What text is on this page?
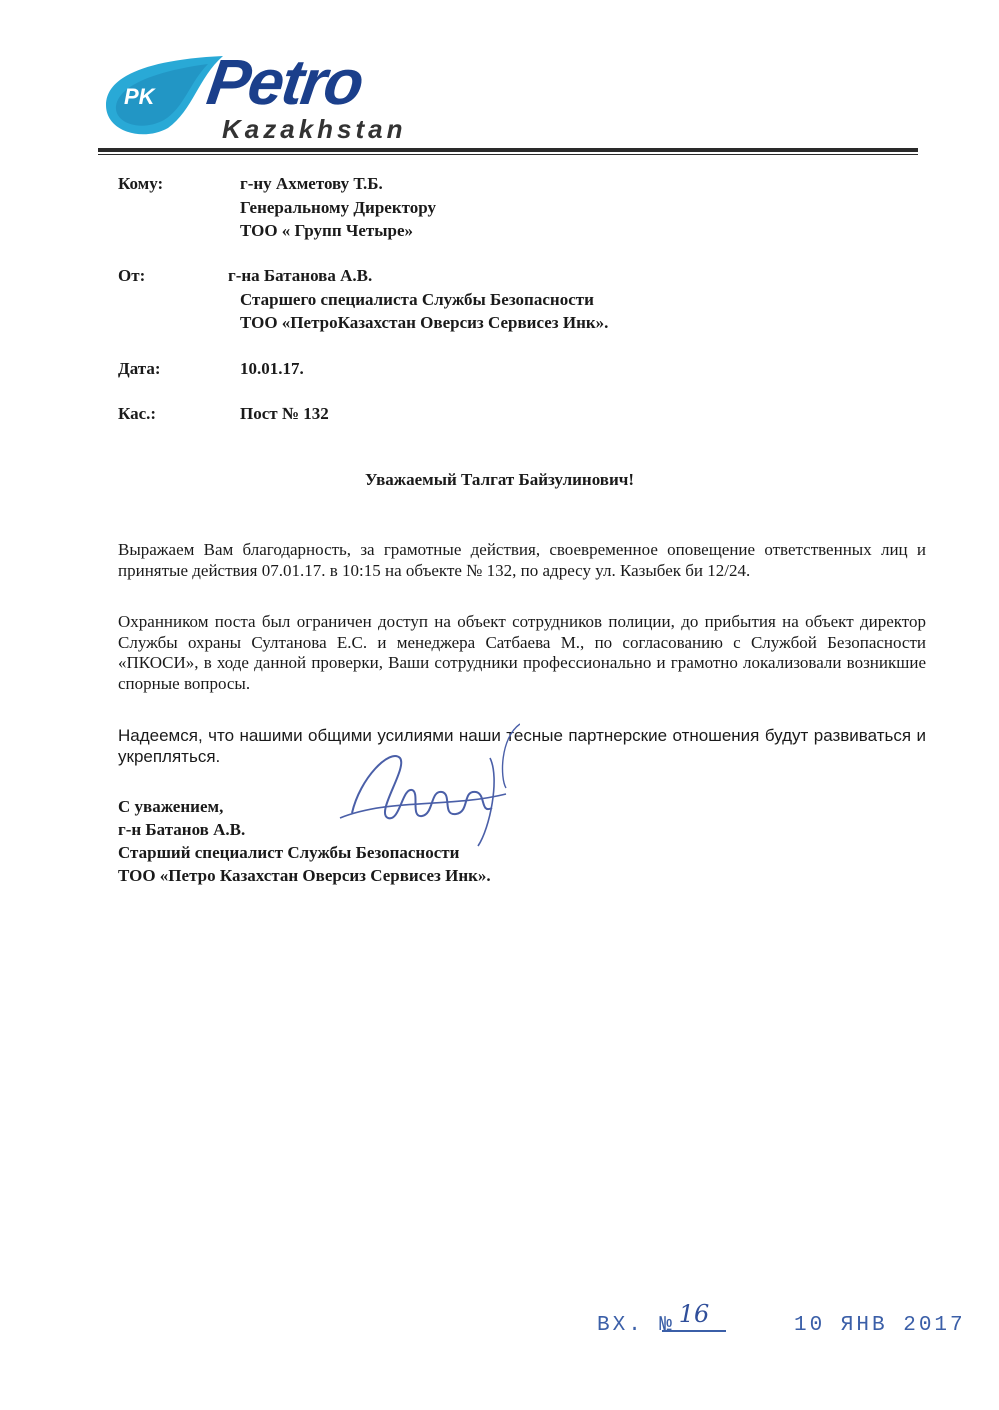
PK Petro
Kazakhstan
Кому:	г-ну Ахметову Т.Б.
Генеральному Директору
ТОО « Групп Четыре»
От:	г-на Батанова А.В.
Старшего специалиста Службы Безопасности
ТОО «ПетроКазахстан Оверсиз Сервисез Инк».
Дата:	10.01.17.
Кас.:	Пост № 132
Уважаемый Талгат Байзулинович!
Выражаем Вам благодарность, за грамотные действия, своевременное оповещение ответственных лиц и принятые действия 07.01.17. в 10:15 на объекте № 132, по адресу ул. Казыбек би 12/24.
Охранником поста был ограничен доступ на объект сотрудников полиции, до прибытия на объект директор Службы охраны Султанова Е.С. и менеджера Сатбаева М., по согласованию с Службой Безопасности «ПКОСИ», в ходе данной проверки, Ваши сотрудники профессионально и грамотно локализовали возникшие спорные вопросы.
Надеемся, что нашими общими усилиями наши тесные партнерские отношения будут развиваться и укрепляться.
С уважением,
г-н Батанов А.В.
Старший специалист Службы Безопасности
ТОО «Петро Казахстан Оверсиз Сервисез Инк».
ВХ. № 16	10 ЯНВ 2017
